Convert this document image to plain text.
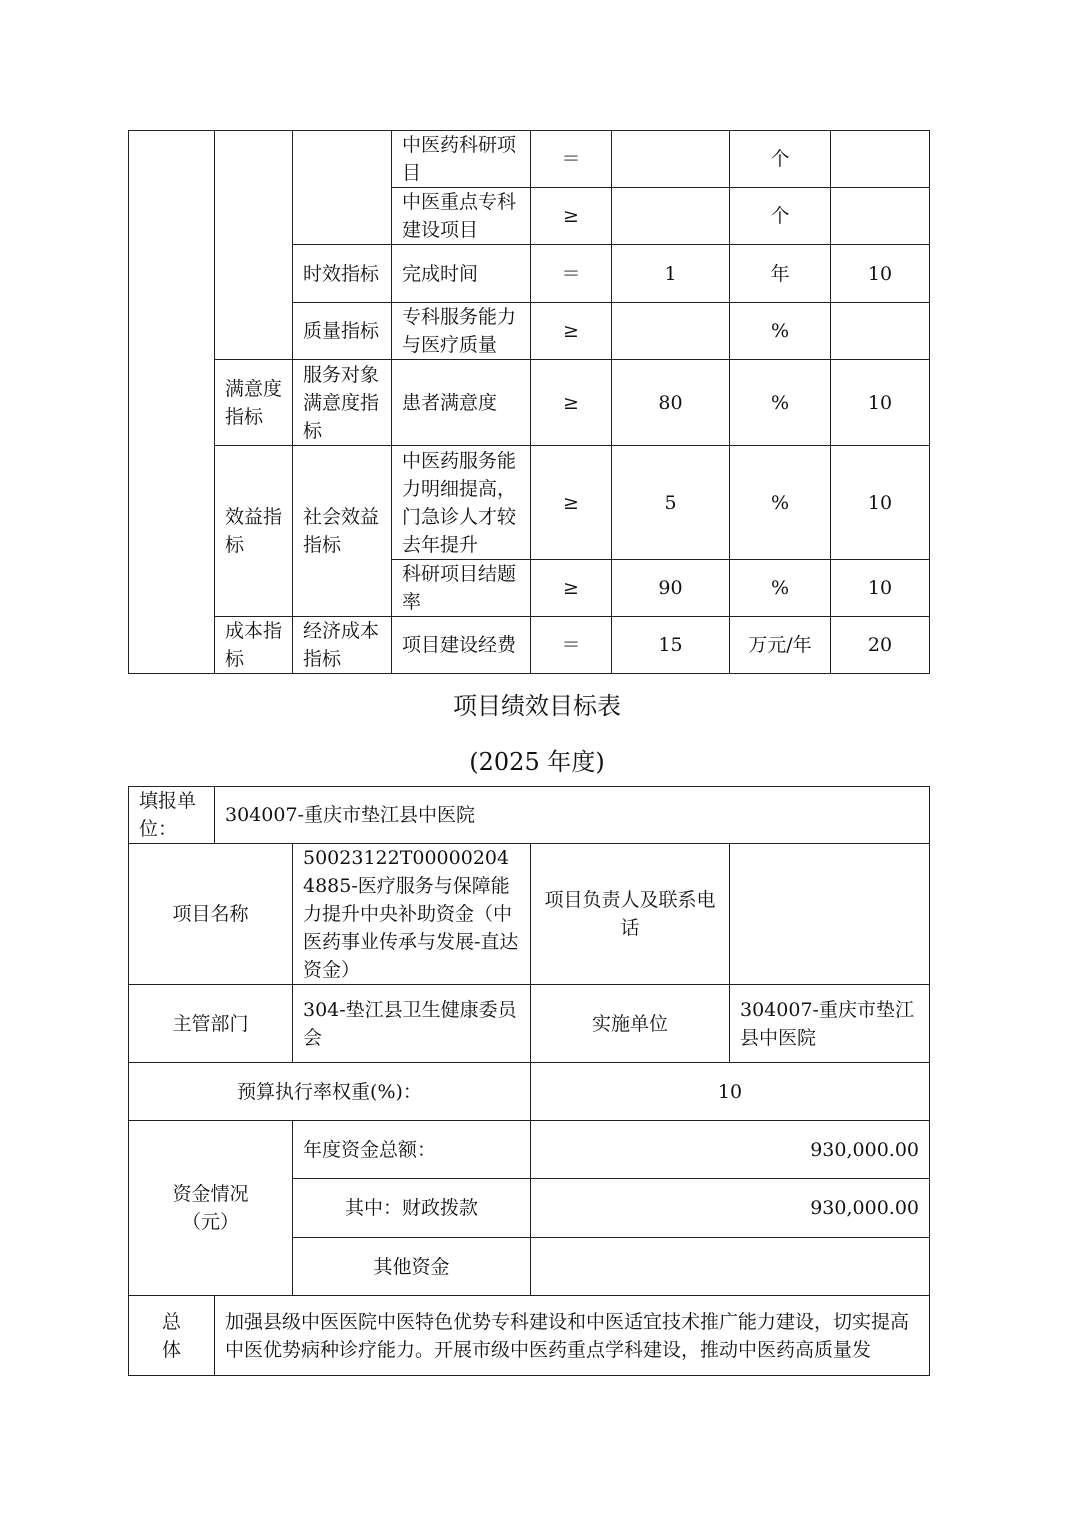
			中医药科研项目	＝		个	
			中医重点专科建设项目	≥		个	
		时效指标	完成时间	＝	1	年	10
		质量指标	专科服务能力与医疗质量	≥		%	
	满意度指标	服务对象满意度指标	患者满意度	≥	80	%	10
	效益指标	社会效益指标	中医药服务能力明细提高，门急诊人才较去年提升	≥	5	%	10
			科研项目结题率	≥	90	%	10
	成本指标	经济成本指标	项目建设经费	＝	15	万元/年	20
项目绩效目标表
(2025 年度)
填报单位：	304007-重庆市垫江县中医院			
项目名称		50023122T000002044885-医疗服务与保障能力提升中央补助资金（中医药事业传承与发展-直达资金）	项目负责人及联系电话	
主管部门		304-垫江县卫生健康委员会	实施单位	304007-重庆市垫江县中医院
预算执行率权重(%)：			10	

资金情况（元）		年度资金总额：	930,000.00	
		其中：财政拨款	930,000.00	
		其他资金		

总体	加强县级中医医院中医特色优势专科建设和中医适宜技术推广能力建设，切实提高中医优势病种诊疗能力。开展市级中医药重点学科建设，推动中医药高质量发			
